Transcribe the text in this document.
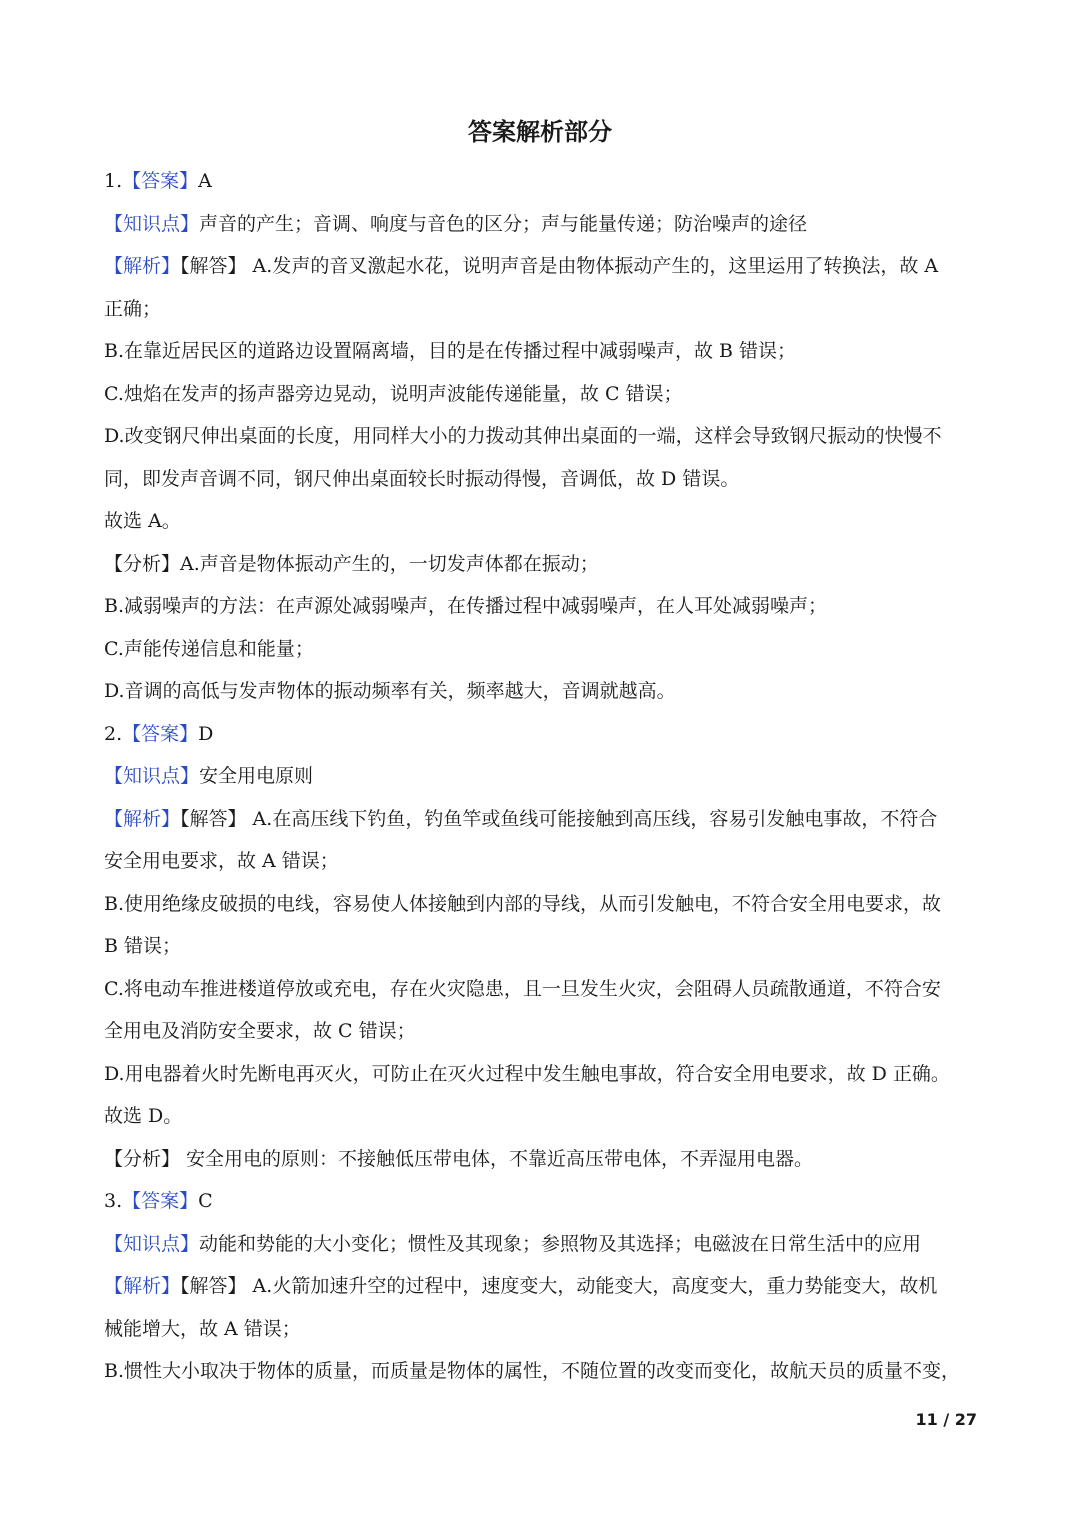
答案解析部分
1.【答案】A
【知识点】声音的产生；音调、响度与音色的区分；声与能量传递；防治噪声的途径
【解析】【解答】 A.发声的音叉激起水花，说明声音是由物体振动产生的，这里运用了转换法，故 A
正确；
B.在靠近居民区的道路边设置隔离墙，目的是在传播过程中减弱噪声，故 B 错误；
C.烛焰在发声的扬声器旁边晃动，说明声波能传递能量，故 C 错误；
D.改变钢尺伸出桌面的长度，用同样大小的力拨动其伸出桌面的一端，这样会导致钢尺振动的快慢不
同，即发声音调不同，钢尺伸出桌面较长时振动得慢，音调低，故 D 错误。
故选 A。
【分析】A.声音是物体振动产生的，一切发声体都在振动；
B.减弱噪声的方法：在声源处减弱噪声，在传播过程中减弱噪声，在人耳处减弱噪声；
C.声能传递信息和能量；
D.音调的高低与发声物体的振动频率有关，频率越大，音调就越高。
2.【答案】D
【知识点】安全用电原则
【解析】【解答】 A.在高压线下钓鱼，钓鱼竿或鱼线可能接触到高压线，容易引发触电事故，不符合
安全用电要求，故 A 错误；
B.使用绝缘皮破损的电线，容易使人体接触到内部的导线，从而引发触电，不符合安全用电要求，故
B 错误；
C.将电动车推进楼道停放或充电，存在火灾隐患，且一旦发生火灾，会阻碍人员疏散通道，不符合安
全用电及消防安全要求，故 C 错误；
D.用电器着火时先断电再灭火，可防止在灭火过程中发生触电事故，符合安全用电要求，故 D 正确。
故选 D。
【分析】 安全用电的原则：不接触低压带电体，不靠近高压带电体，不弄湿用电器。
3.【答案】C
【知识点】动能和势能的大小变化；惯性及其现象；参照物及其选择；电磁波在日常生活中的应用
【解析】【解答】 A.火箭加速升空的过程中，速度变大，动能变大，高度变大，重力势能变大，故机
械能增大，故 A 错误；
B.惯性大小取决于物体的质量，而质量是物体的属性，不随位置的改变而变化，故航天员的质量不变，
11 / 27
